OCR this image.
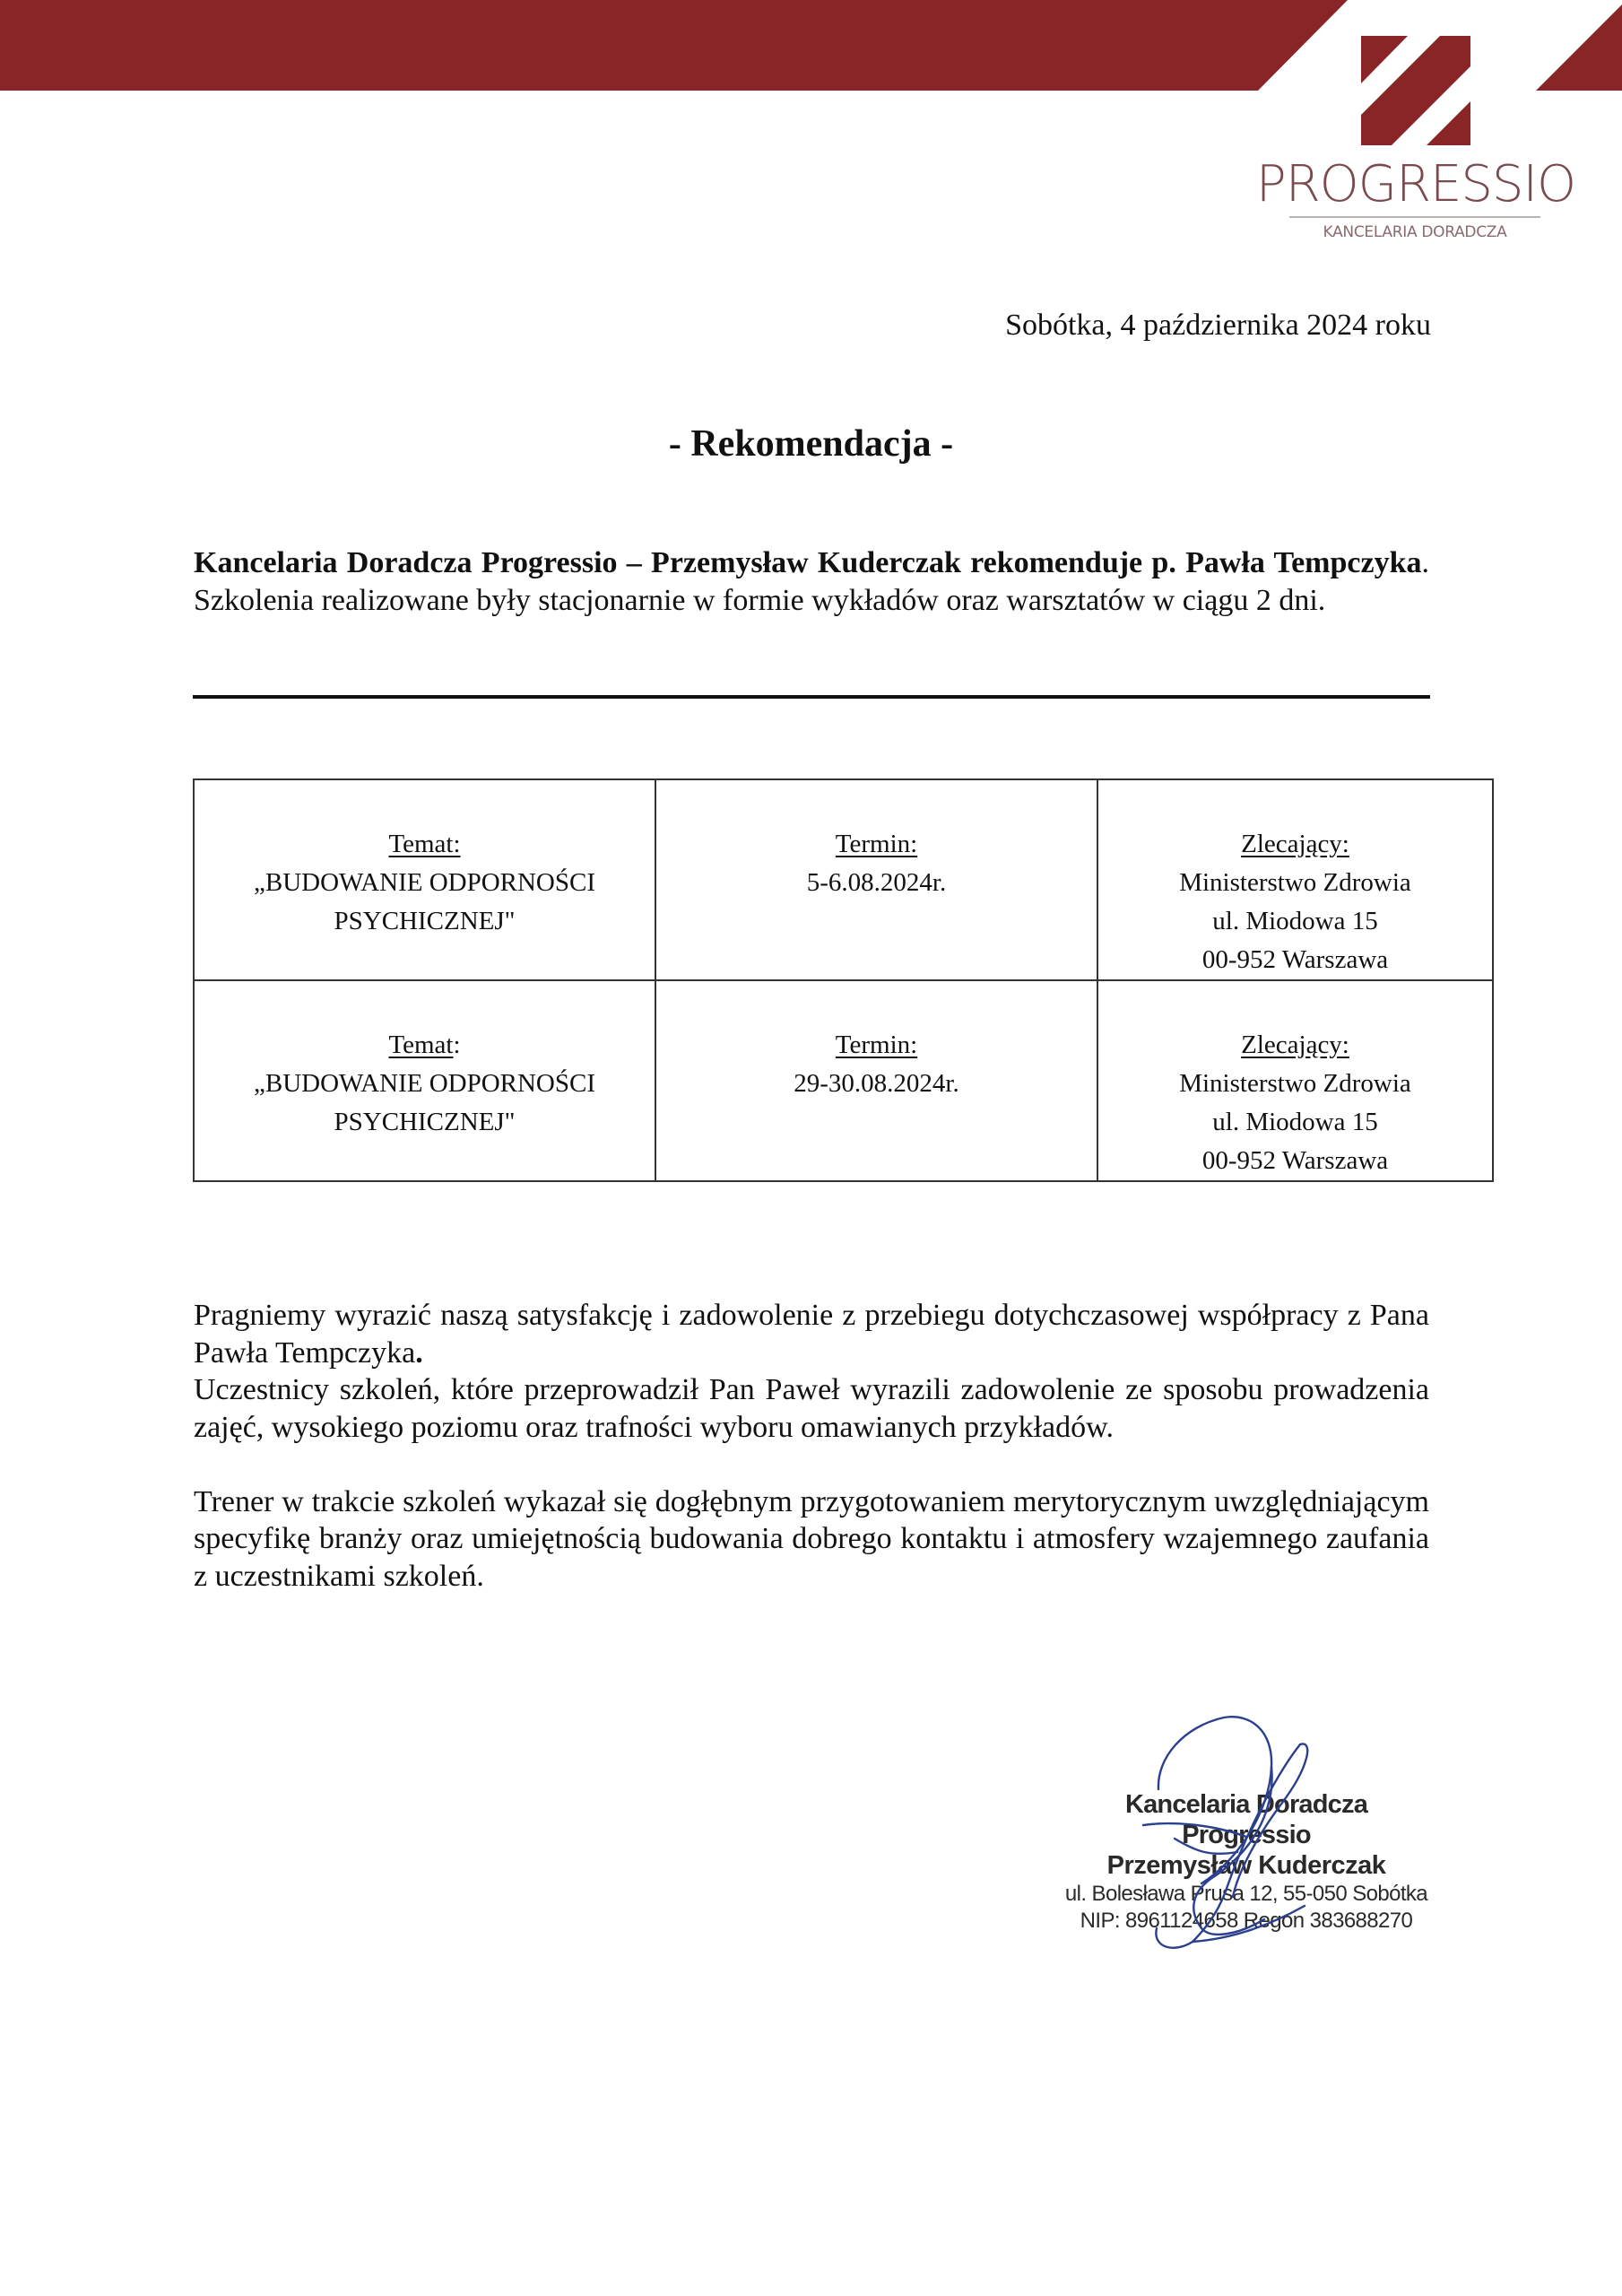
PROGRESSIO
KANCELARIA DORADCZA
Sobótka, 4 października 2024 roku
- Rekomendacja -
Kancelaria Doradcza Progressio – Przemysław Kuderczak rekomenduje p. Pawła Tempczyka. Szkolenia realizowane były stacjonarnie w formie wykładów oraz warsztatów w ciągu 2 dni.
Temat:
„BUDOWANIE ODPORNOŚCI
PSYCHICZNEJ"

Termin:
5-6.08.2024r.

Zlecający:
Ministerstwo Zdrowia
ul. Miodowa 15
00-952 Warszawa

Temat:
„BUDOWANIE ODPORNOŚCI
PSYCHICZNEJ"

Termin:
29-30.08.2024r.

Zlecający:
Ministerstwo Zdrowia
ul. Miodowa 15
00-952 Warszawa

Pragniemy wyrazić naszą satysfakcję i zadowolenie z przebiegu dotychczasowej współpracy z Pana Pawła Tempczyka.

Uczestnicy szkoleń, które przeprowadził Pan Paweł wyrazili zadowolenie ze sposobu prowadzenia zajęć, wysokiego poziomu oraz trafności wyboru omawianych przykładów.

Trener w trakcie szkoleń wykazał się dogłębnym przygotowaniem merytorycznym uwzględniającym specyfikę branży oraz umiejętnością budowania dobrego kontaktu i atmosfery wzajemnego zaufania z uczestnikami szkoleń.

Kancelaria Doradcza Progressio
Przemysław Kuderczak
ul. Bolesława Prusa 12, 55-050 Sobótka
NIP: 8961124658 Regon 383688270
